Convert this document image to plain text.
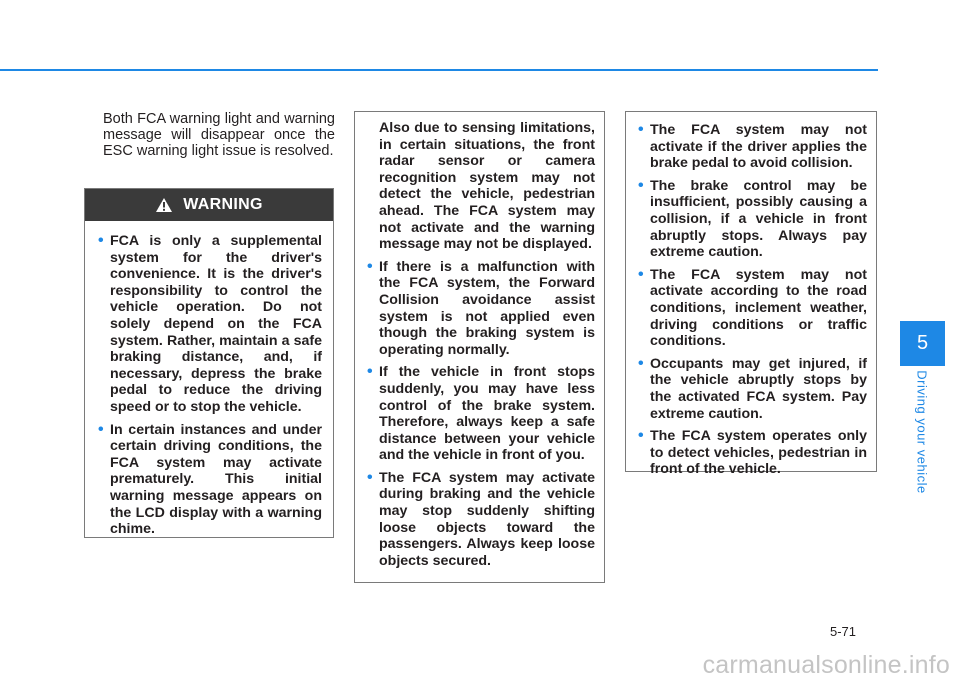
Both FCA warning light and warning message will disappear once the ESC warning light issue is resolved.

WARNING
• FCA is only a supplemental system for the driver's convenience. It is the driver's responsibility to control the vehicle operation. Do not solely depend on the FCA system. Rather, maintain a safe braking distance, and, if necessary, depress the brake pedal to reduce the driving speed or to stop the vehicle.
• In certain instances and under certain driving conditions, the FCA system may activate prematurely. This initial warning message appears on the LCD display with a warning chime.

Also due to sensing limitations, in certain situations, the front radar sensor or camera recognition system may not detect the vehicle, pedestrian ahead. The FCA system may not activate and the warning message may not be displayed.

• If there is a malfunction with the FCA system, the Forward Collision avoidance assist system is not applied even though the braking system is operating normally.
• If the vehicle in front stops suddenly, you may have less control of the brake system. Therefore, always keep a safe distance between your vehicle and the vehicle in front of you.
• The FCA system may activate during braking and the vehicle may stop suddenly shifting loose objects toward the passengers. Always keep loose objects secured.
• The FCA system may not activate if the driver applies the brake pedal to avoid collision.
• The brake control may be insufficient, possibly causing a collision, if a vehicle in front abruptly stops. Always pay extreme caution.
• The FCA system may not activate according to the road conditions, inclement weather, driving conditions or traffic conditions.
• Occupants may get injured, if the vehicle abruptly stops by the activated FCA system. Pay extreme caution.
• The FCA system operates only to detect vehicles, pedestrian in front of the vehicle.
5
Driving your vehicle
5-71
carmanualsonline.info
